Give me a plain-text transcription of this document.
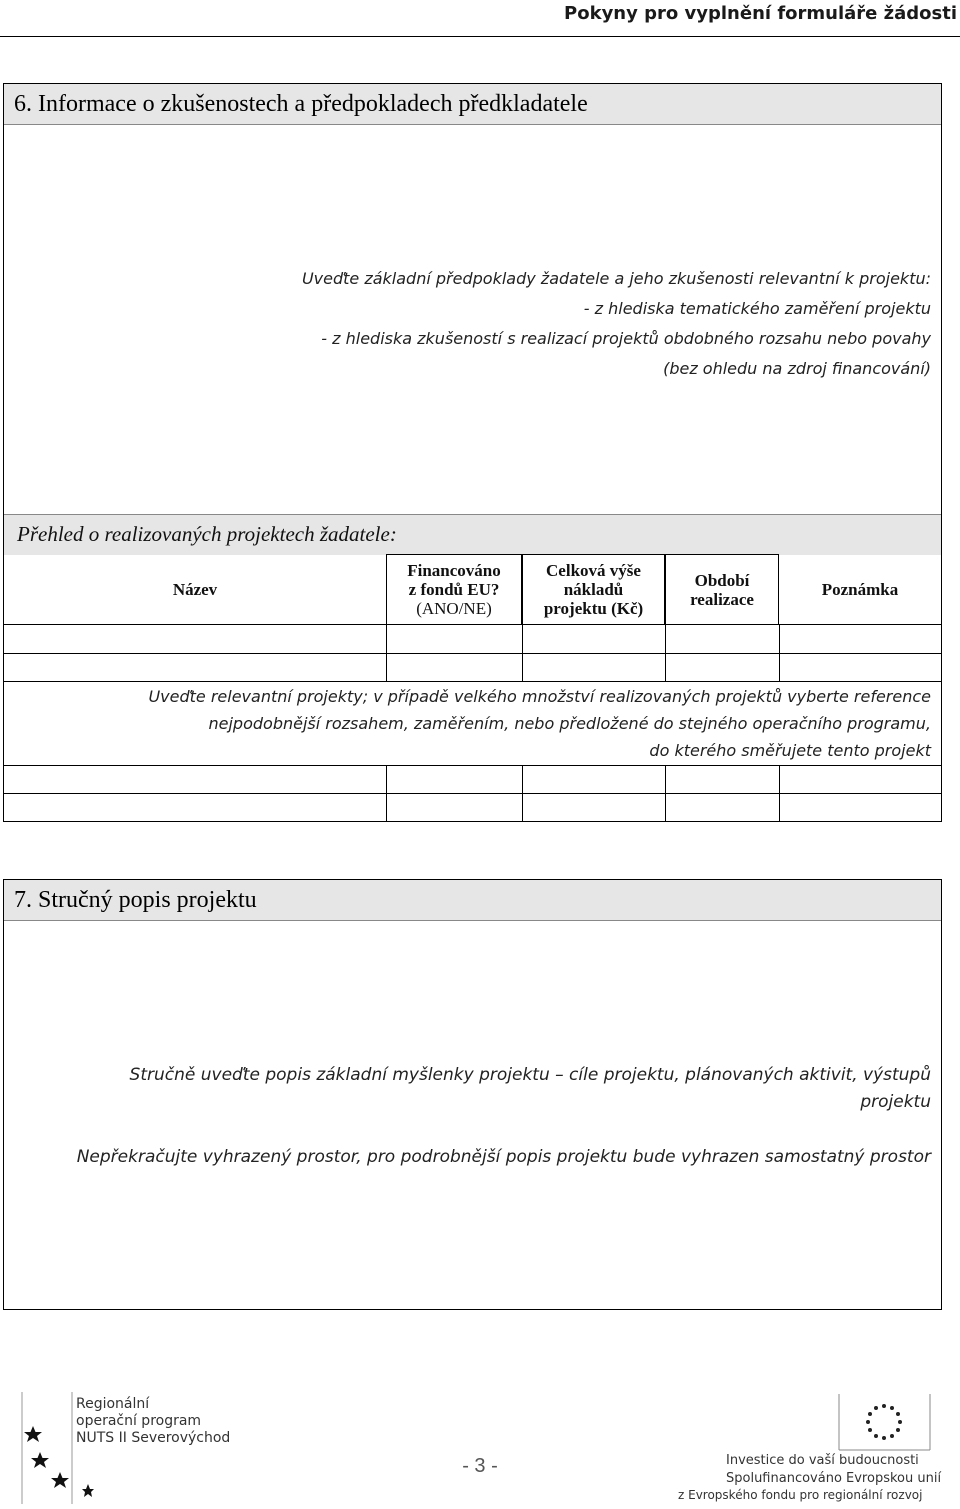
Pokyny pro vyplnění formuláře žádosti
6. Informace o zkušenostech a předpokladech předkladatele
Uveďte základní předpoklady žadatele a jeho zkušenosti relevantní k projektu:
- z hlediska tematického zaměření projektu
- z hlediska zkušeností s realizací projektů obdobného rozsahu nebo povahy
(bez ohledu na zdroj financování)
Přehled o realizovaných projektech žadatele:
Název
Financováno
z fondů EU?
(ANO/NE)
Celková výše
nákladů
projektu (Kč)
Období
realizace
Poznámka
Uveďte relevantní projekty; v případě velkého množství realizovaných projektů vyberte reference
nejpodobnější rozsahem, zaměřením, nebo předložené do stejného operačního programu,
do kterého směřujete tento projekt
7. Stručný popis projektu
Stručně uveďte popis základní myšlenky projektu – cíle projektu, plánovaných aktivit, výstupů
projektu
Nepřekračujte vyhrazený prostor, pro podrobnější popis projektu bude vyhrazen samostatný prostor
Regionální
operační program
NUTS II Severovýchod
- 3 -	Investice do vaší budoucnosti
Spolufinancováno Evropskou unií
z Evropského fondu pro regionální rozvoj
